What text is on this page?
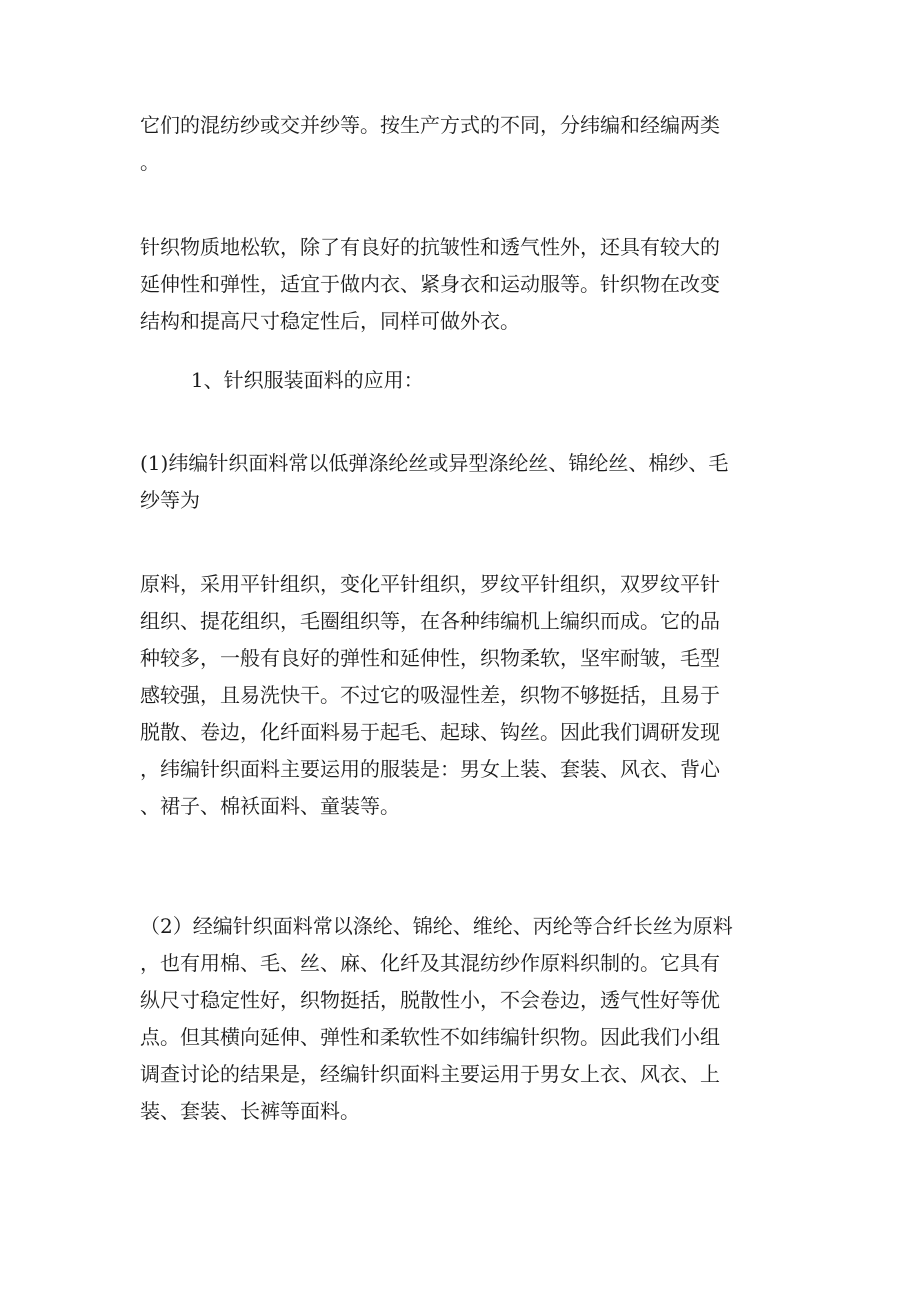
它们的混纺纱或交并纱等。按生产方式的不同，分纬编和经编两类
。

针织物质地松软，除了有良好的抗皱性和透气性外，还具有较大的
延伸性和弹性，适宜于做内衣、紧身衣和运动服等。针织物在改变
结构和提高尺寸稳定性后，同样可做外衣。

1、针织服装面料的应用：

(1)纬编针织面料常以低弹涤纶丝或异型涤纶丝、锦纶丝、棉纱、毛
纱等为

原料，采用平针组织，变化平针组织，罗纹平针组织，双罗纹平针
组织、提花组织，毛圈组织等，在各种纬编机上编织而成。它的品
种较多，一般有良好的弹性和延伸性，织物柔软，坚牢耐皱，毛型
感较强，且易洗快干。不过它的吸湿性差，织物不够挺括，且易于
脱散、卷边，化纤面料易于起毛、起球、钩丝。因此我们调研发现
，纬编针织面料主要运用的服装是：男女上装、套装、风衣、背心
、裙子、棉袄面料、童装等。

（2）经编针织面料常以涤纶、锦纶、维纶、丙纶等合纤长丝为原料
，也有用棉、毛、丝、麻、化纤及其混纺纱作原料织制的。它具有
纵尺寸稳定性好，织物挺括，脱散性小，不会卷边，透气性好等优
点。但其横向延伸、弹性和柔软性不如纬编针织物。因此我们小组
调查讨论的结果是，经编针织面料主要运用于男女上衣、风衣、上
装、套装、长裤等面料。
